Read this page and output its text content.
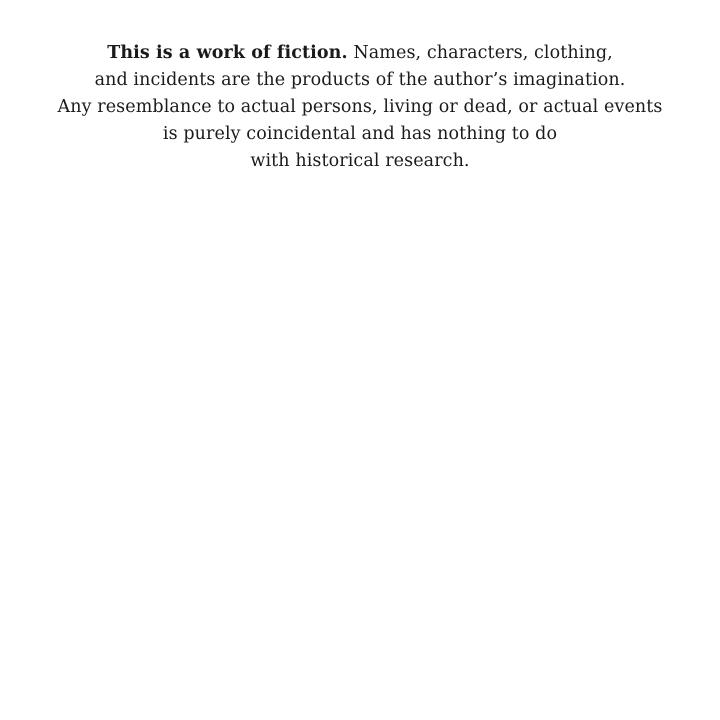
This is a work of fiction. Names, characters, clothing,
and incidents are the products of the author’s imagination.
Any resemblance to actual persons, living or dead, or actual events
is purely coincidental and has nothing to do
with historical research.
